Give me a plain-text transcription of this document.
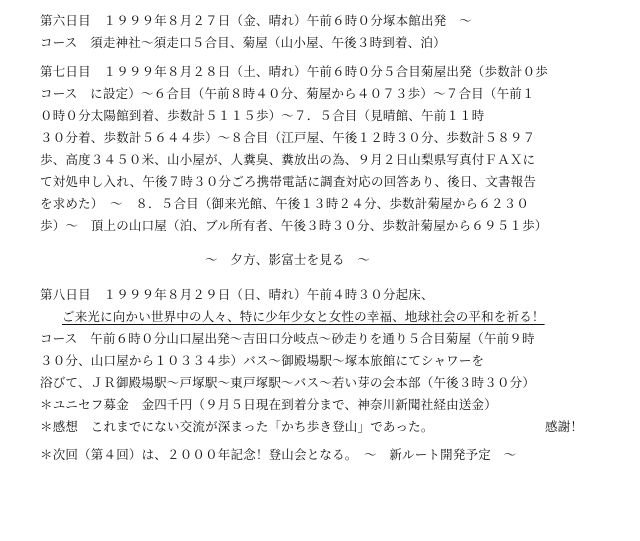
第六日目　１９９９年８月２７日（金、晴れ）午前６時０分塚本館出発　～
コース　須走神社～須走口５合目、菊屋（山小屋、午後３時到着、泊）
第七日目　１９９９年８月２８日（土、晴れ）午前６時０分５合目菊屋出発（歩数計０歩
コース　に設定）～６合目（午前８時４０分、菊屋から４０７３歩）～７合目（午前１
０時０分太陽館到着、歩数計５１１５歩）～７．５合目（見晴館、午前１１時
３０分着、歩数計５６４４歩）～８合目（江戸屋、午後１２時３０分、歩数計５８９７
歩、高度３４５０米、山小屋が、人糞臭、糞放出の為、９月２日山梨県写真付ＦＡＸに
て対処申し入れ、午後７時３０分ごろ携帯電話に調査対応の回答あり、後日、文書報告
を求めた）　～　８．５合目（御来光館、午後１３時２４分、歩数計菊屋から６２３０
歩）～　頂上の山口屋（泊、ブル所有者、午後３時３０分、歩数計菊屋から６９５１歩）
～　夕方、影富士を見る　～
第八日目　１９９９年８月２９日（日、晴れ）午前４時３０分起床、
ご来光に向かい世界中の人々、特に少年少女と女性の幸福、地球社会の平和を祈る！
コース　午前６時０分山口屋出発～吉田口分岐点～砂走りを通り５合目菊屋（午前９時
３０分、山口屋から１０３３４歩）バス～御殿場駅～塚本旅館にてシャワーを
浴びて、ＪＲ御殿場駅～戸塚駅～東戸塚駅～バス～若い芽の会本部（午後３時３０分）
＊ユニセフ募金　金四千円（９月５日現在到着分まで、神奈川新聞社経由送金）
＊感想　これまでにない交流が深まった「かち歩き登山」であった。	感謝！
＊次回（第４回）は、２０００年記念！登山会となる。　～　新ルート開発予定　～
